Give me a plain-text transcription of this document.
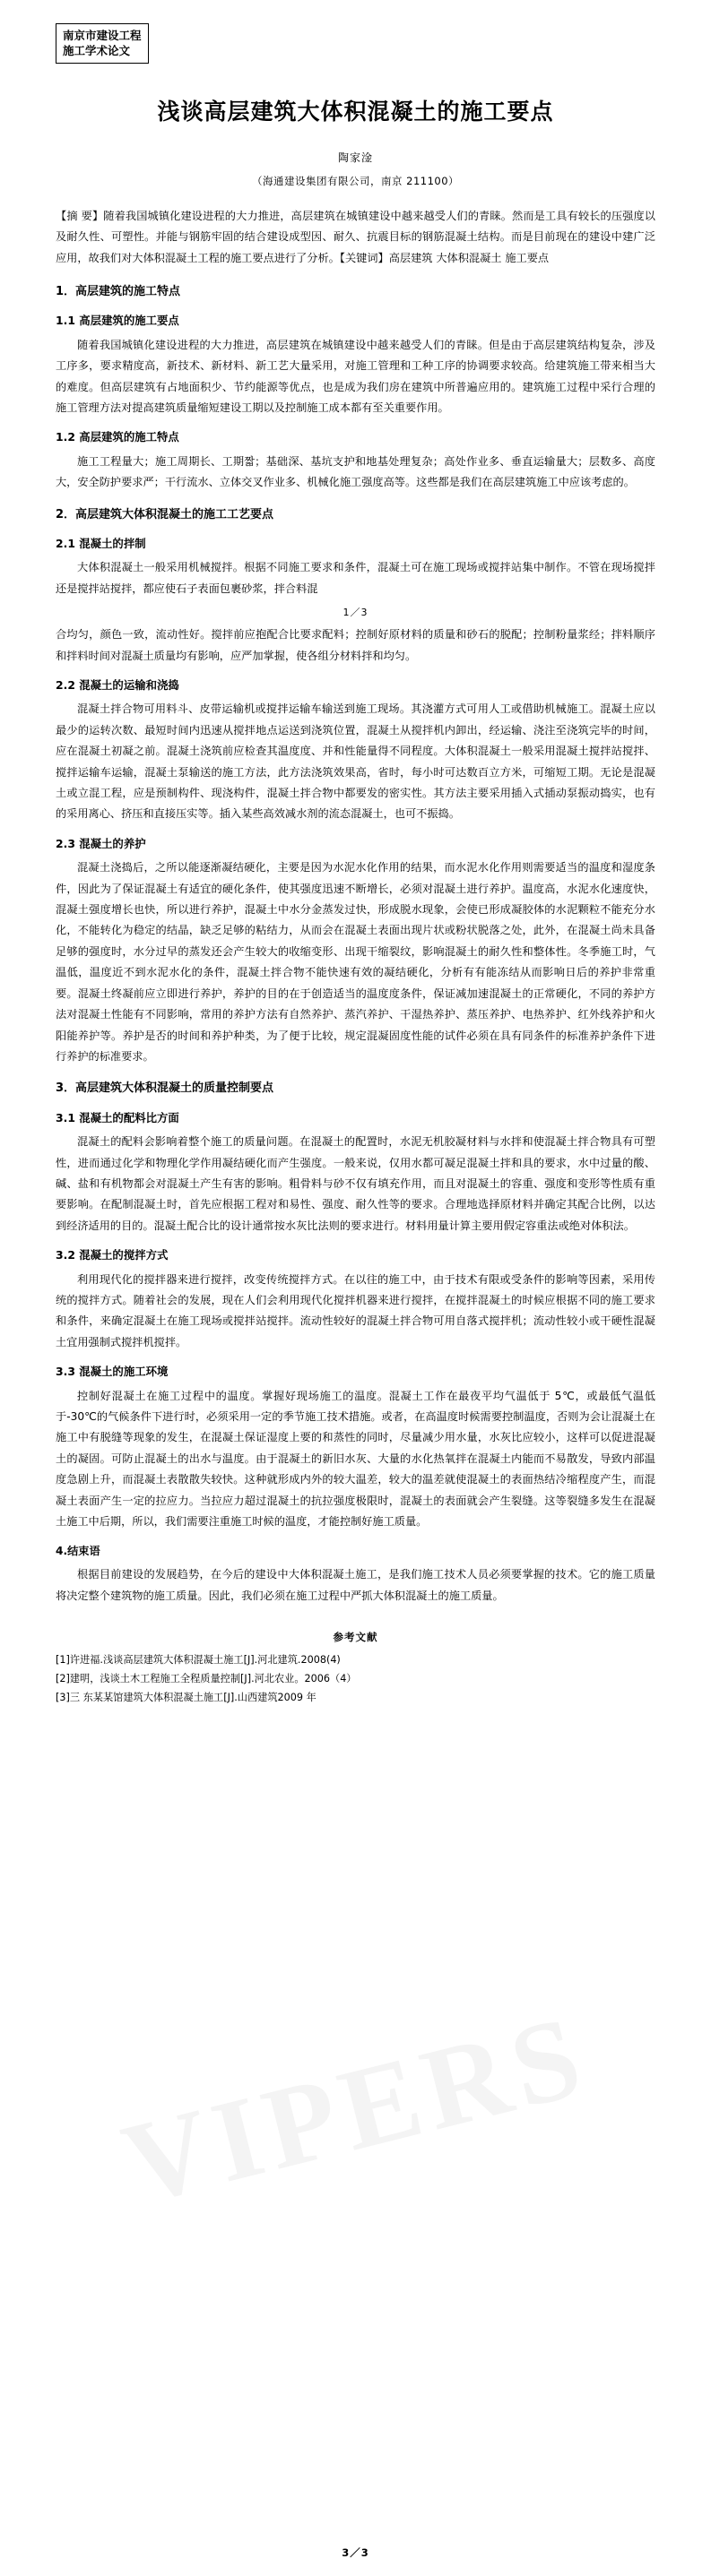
南京市建设工程
施工学术论文
浅谈高层建筑大体积混凝土的施工要点
陶家淦
（海通建设集团有限公司，南京 211100）
【摘 要】随着我国城镇化建设进程的大力推进，高层建筑在城镇建设中越来越受人们的青睐。然而是工具有较长的压强度以及耐久性、可塑性。并能与钢筋牢固的结合建设成型因、耐久、抗震目标的钢筋混凝土结构。而是目前现在的建设中建广泛应用，故我们对大体积混凝土工程的施工要点进行了分析。【关键词】高层建筑 大体积混凝土 施工要点
1．高层建筑的施工特点
1.1 高层建筑的施工要点

随着我国城镇化建设进程的大力推进，高层建筑在城镇建设中越来越受人们的青睐。但是由于高层建筑结构复杂，涉及工序多，要求精度高，新技术、新材料、新工艺大量采用，对施工管理和工种工序的协调要求较高。给建筑施工带来相当大的难度。但高层建筑有占地面积少、节约能源等优点，也是成为我们房在建筑中所普遍应用的。建筑施工过程中采行合理的施工管理方法对提高建筑质量缩短建设工期以及控制施工成本都有至关重要作用。

1.2 高层建筑的施工特点

施工工程量大；施工周期长、工期짧；基础深、基坑支护和地基处理复杂；高处作业多、垂直运输量大；层数多、高度大，安全防护要求严；干行流水、立体交叉作业多、机械化施工强度高等。这些都是我们在高层建筑施工中应该考虑的。

2．高层建筑大体积混凝土的施工工艺要点
2.1 混凝土的拌制

大体积混凝土一般采用机械搅拌。根据不同施工要求和条件，混凝土可在施工现场或搅拌站集中制作。不管在现场搅拌还是搅拌站搅拌，都应使石子表面包裹砂浆，拌合料混

1／3

合均匀，颜色一致，流动性好。搅拌前应抱配合比要求配料；控制好原材料的质量和砂石的脱配；控制粉量浆经；拌料顺序和拌料时间对混凝土质量均有影响，应严加掌握，使各组分材料拌和均匀。

2.2 混凝土的运输和浇捣

混凝土拌合物可用料斗、皮带运输机或搅拌运输车输送到施工现场。其浇灌方式可用人工或借助机械施工。混凝土应以最少的运转次数、最短时间内迅速从搅拌地点运送到浇筑位置，混凝土从搅拌机内卸出，经运输、浇注至浇筑完毕的时间，应在混凝土初凝之前。混凝土浇筑前应检查其温度度、并和性能量得不同程度。大体积混凝土一般采用混凝土搅拌站搅拌、搅拌运输车运输，混凝土泵输送的施工方法，此方法浇筑效果高，省时，每小时可达数百立方米，可缩短工期。无论是混凝土或立混工程，应是预制构件、现浇构件，混凝土拌合物中都要发的密实性。其方法主要采用插入式插动泵振动捣实，也有的采用离心、挤压和直接压实等。插入某些高效减水剂的流态混凝土，也可不振捣。

2.3 混凝土的养护

混凝土浇捣后，之所以能逐渐凝结硬化，主要是因为水泥水化作用的结果，而水泥水化作用则需要适当的温度和湿度条件，因此为了保证混凝土有适宜的硬化条件，使其强度迅速不断增长，必须对混凝土进行养护。温度高，水泥水化速度快，混凝土强度增长也快，所以进行养护，混凝土中水分金蒸发过快，形成脱水现象，会使已形成凝胶体的水泥颗粒不能充分水化，不能转化为稳定的结晶，缺乏足够的粘结力，从而会在混凝土表面出现片状或粉状脱落之处，此外，在混凝土尚未具备足够的强度时，水分过早的蒸发还会产生较大的收缩变形、出现干缩裂纹，影响混凝土的耐久性和整体性。冬季施工时，气温低，温度近不到水泥水化的条件，混凝土拌合物不能快速有效的凝结硬化，分析有有能冻结从而影响日后的养护非常重要。混凝土终凝前应立即进行养护，养护的目的在于创造适当的温度度条件，保证减加速混凝土的正常硬化，不同的养护方法对混凝土性能有不同影响，常用的养护方法有自然养护、蒸汽养护、干湿热养护、蒸压养护、电热养护、红外线养护和火阳能养护等。养护是否的时间和养护种类，为了便于比较，规定混凝固度性能的试件必须在具有同条件的标准养护条件下进行养护的标准要求。

3．高层建筑大体积混凝土的质量控制要点
3.1 混凝土的配料比方面

混凝土的配料会影响着整个施工的质量问题。在混凝土的配置时，水泥无机胶凝材料与水拌和使混凝土拌合物具有可塑性，进而通过化学和物理化学作用凝结硬化而产生强度。一般来说，仅用水都可凝足混凝土拌和具的要求，水中过量的酸、碱、盐和有机物都会对混凝土产生有害的影响。粗骨料与砂不仅有填充作用，而且对混凝土的容重、强度和变形等性质有重要影响。在配制混凝土时，首先应根据工程对和易性、强度、耐久性等的要求。合理地选择原材料并确定其配合比例，以达到经济适用的目的。混凝土配合比的设计通常按水灰比法则的要求进行。材料用量计算主要用假定容重法或绝对体积法。

3.2 混凝土的搅拌方式

利用现代化的搅拌器来进行搅拌，改变传统搅拌方式。在以往的施工中，由于技术有限或受条件的影响等因素，采用传统的搅拌方式。随着社会的发展，现在人们会利用现代化搅拌机器来进行搅拌，在搅拌混凝土的时候应根据不同的施工要求和条件，来确定混凝土在施工现场或搅拌站搅拌。流动性较好的混凝土拌合物可用自落式搅拌机；流动性较小或干硬性混凝土宜用强制式搅拌机搅拌。

3.3 混凝土的施工环境

控制好混凝土在施工过程中的温度。掌握好现场施工的温度。混凝土工作在最夜平均气温低于 5℃，或最低气温低于-30℃的气候条件下进行时，必须采用一定的季节施工技术措施。或者，在高温度时候需要控制温度，否则为会让混凝土在施工中有脱缝等现象的发生，在混凝土保证湿度上要的和蒸性的同时，尽量减少用水量，水灰比应较小，这样可以促进混凝土的凝固。可防止混凝土的出水与温度。由于混凝土的新旧水灰、大量的水化热氧拌在混凝土内能而不易散发，导致内部温度急剧上升，而混凝土表散散失较快。这种就形成内外的较大温差，较大的温差就使混凝土的表面热结冷缩程度产生，而混凝土表面产生一定的拉应力。当拉应力超过混凝土的抗拉强度极限时，混凝土的表面就会产生裂缝。这等裂缝多发生在混凝土施工中后期，所以，我们需要注重施工时候的温度，才能控制好施工质量。

4.结束语

根据目前建设的发展趋势，在今后的建设中大体积混凝土施工，是我们施工技术人员必须要掌握的技术。它的施工质量将决定整个建筑物的施工质量。因此，我们必须在施工过程中严抓大体积混凝土的施工质量。

参考文献

[1]许进福.浅谈高层建筑大体积混凝土施工[J].河北建筑.2008(4)

[2]建明，浅谈土木工程施工全程质量控制[J].河北农业。2006（4）

[3]三 东某某馆建筑大体积混凝土施工[J].山西建筑2009 年

3／3
